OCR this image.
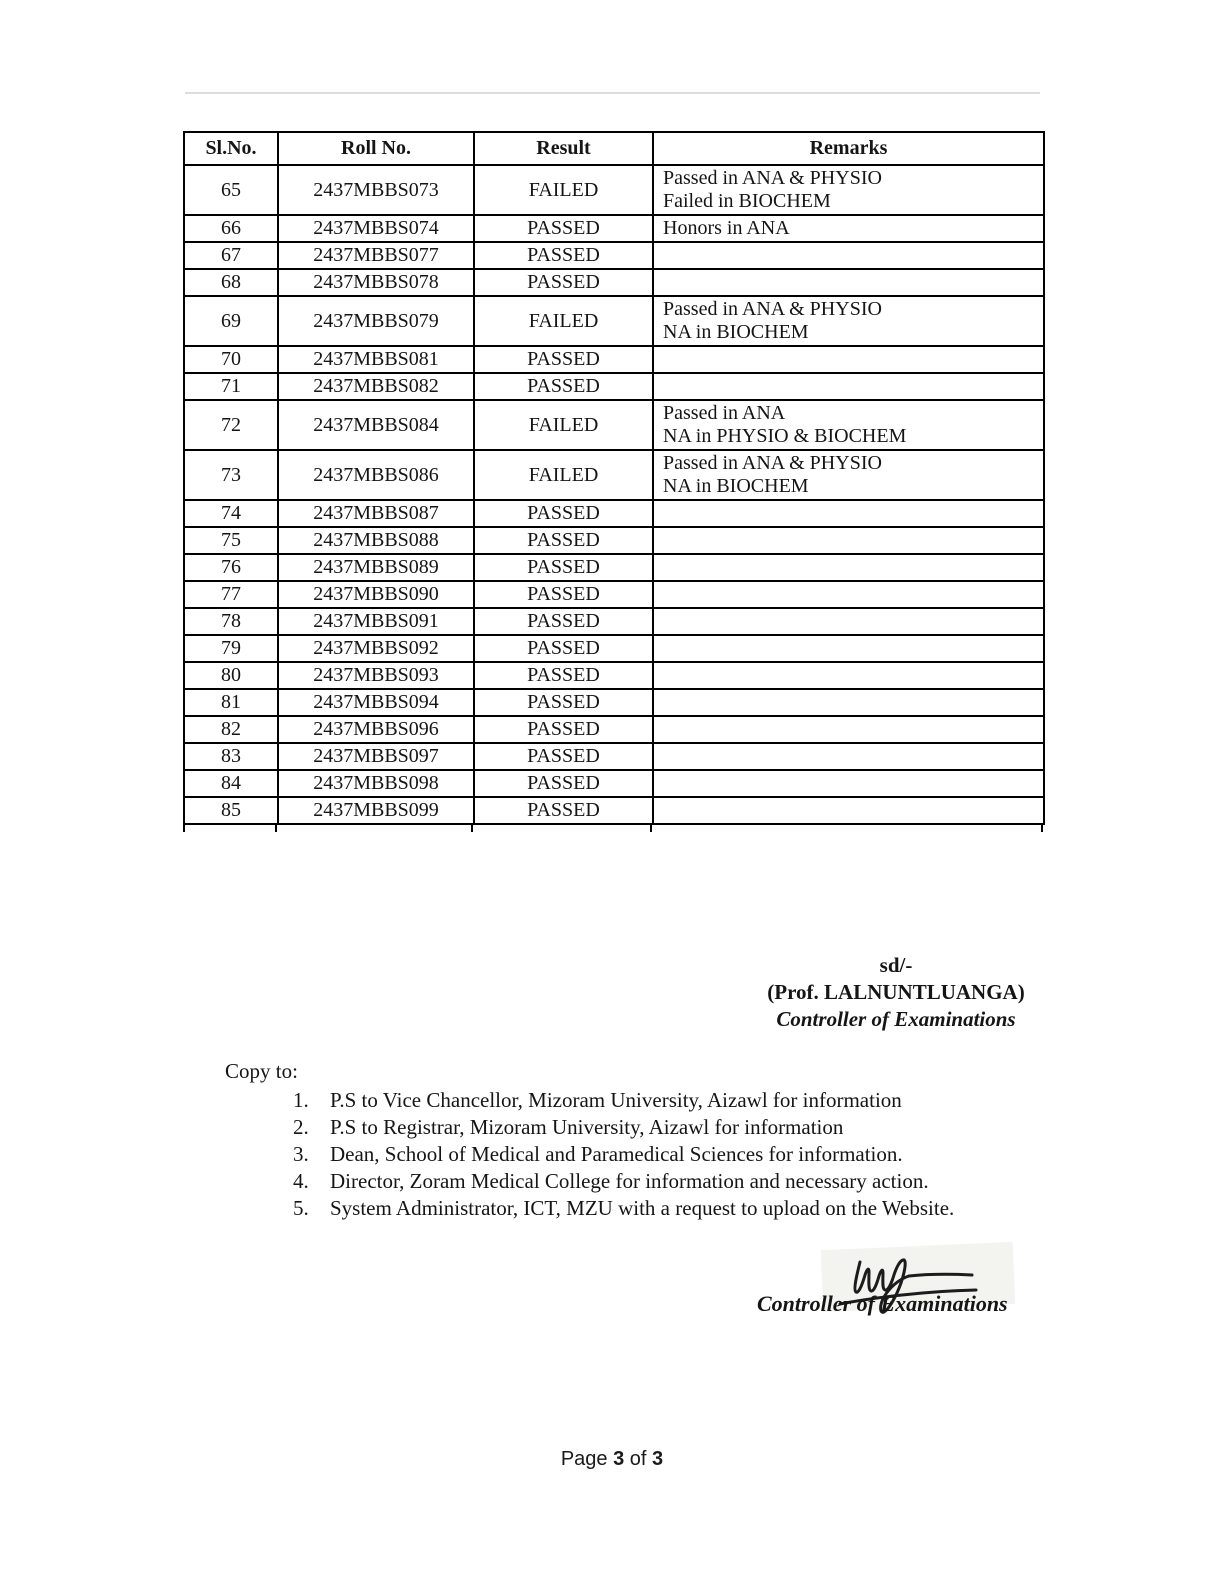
Sl.No.	Roll No.	Result	Remarks
65	2437MBBS073	FAILED	Passed in ANA & PHYSIO
Failed in BIOCHEM

66	2437MBBS074	PASSED	Honors in ANA

67	2437MBBS077	PASSED	
68	2437MBBS078	PASSED	
69	2437MBBS079	FAILED	Passed in ANA & PHYSIO
NA in BIOCHEM

70	2437MBBS081	PASSED	
71	2437MBBS082	PASSED	
72	2437MBBS084	FAILED	Passed in ANA
NA in PHYSIO & BIOCHEM

73	2437MBBS086	FAILED	Passed in ANA & PHYSIO
NA in BIOCHEM

74	2437MBBS087	PASSED	
75	2437MBBS088	PASSED	
76	2437MBBS089	PASSED	
77	2437MBBS090	PASSED	
78	2437MBBS091	PASSED	
79	2437MBBS092	PASSED	
80	2437MBBS093	PASSED	
81	2437MBBS094	PASSED	
82	2437MBBS096	PASSED	
83	2437MBBS097	PASSED	
84	2437MBBS098	PASSED	
85	2437MBBS099	PASSED	
sd/-
(Prof. LALNUNTLUANGA)
Controller of Examinations
Copy to:
1. P.S to Vice Chancellor, Mizoram University, Aizawl for information
2. P.S to Registrar, Mizoram University, Aizawl for information
3. Dean, School of Medical and Paramedical Sciences for information.
4. Director, Zoram Medical College for information and necessary action.
5. System Administrator, ICT, MZU with a request to upload on the Website.
Controller of Examinations
Page 3 of 3
